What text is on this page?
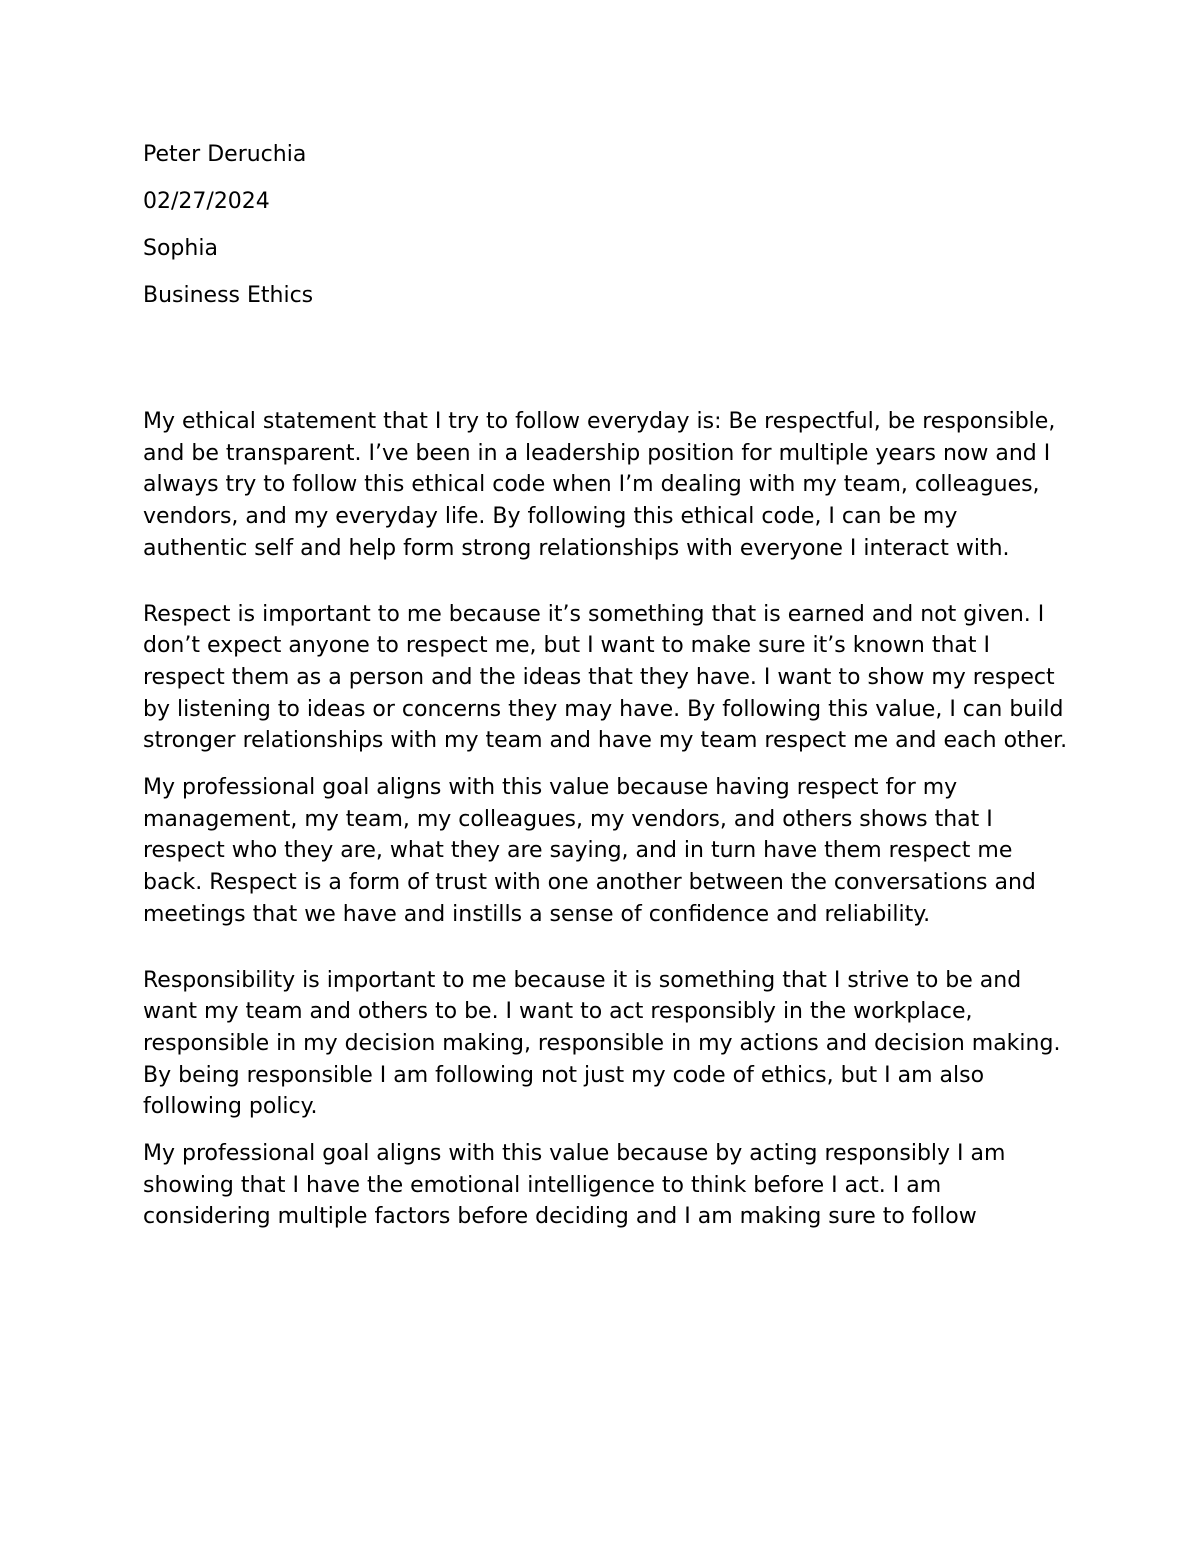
Peter Deruchia

02/27/2024

Sophia

Business Ethics

My ethical statement that I try to follow everyday is: Be respectful, be responsible, and be transparent. I’ve been in a leadership position for multiple years now and I always try to follow this ethical code when I’m dealing with my team, colleagues, vendors, and my everyday life. By following this ethical code, I can be my authentic self and help form strong relationships with everyone I interact with.

Respect is important to me because it’s something that is earned and not given. I don’t expect anyone to respect me, but I want to make sure it’s known that I respect them as a person and the ideas that they have. I want to show my respect by listening to ideas or concerns they may have. By following this value, I can build stronger relationships with my team and have my team respect me and each other.

My professional goal aligns with this value because having respect for my management, my team, my colleagues, my vendors, and others shows that I respect who they are, what they are saying, and in turn have them respect me back. Respect is a form of trust with one another between the conversations and meetings that we have and instills a sense of confidence and reliability.

Responsibility is important to me because it is something that I strive to be and want my team and others to be. I want to act responsibly in the workplace, responsible in my decision making, responsible in my actions and decision making. By being responsible I am following not just my code of ethics, but I am also following policy.

My professional goal aligns with this value because by acting responsibly I am showing that I have the emotional intelligence to think before I act. I am considering multiple factors before deciding and I am making sure to follow
